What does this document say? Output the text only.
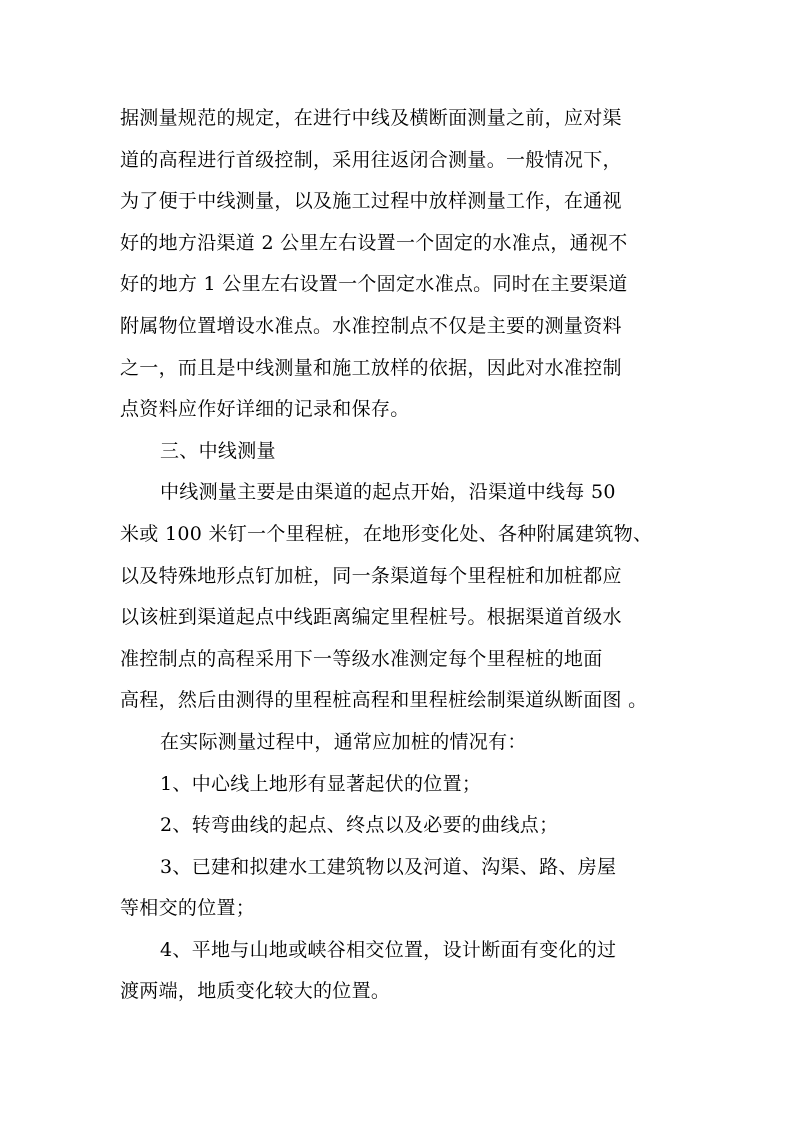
据测量规范的规定，在进行中线及横断面测量之前，应对渠
道的高程进行首级控制，采用往返闭合测量。一般情况下，
为了便于中线测量，以及施工过程中放样测量工作，在通视
好的地方沿渠道 2 公里左右设置一个固定的水准点，通视不
好的地方 1 公里左右设置一个固定水准点。同时在主要渠道
附属物位置增设水准点。水准控制点不仅是主要的测量资料
之一，而且是中线测量和施工放样的依据，因此对水准控制
点资料应作好详细的记录和保存。
三、中线测量
中线测量主要是由渠道的起点开始，沿渠道中线每 50
米或 100 米钉一个里程桩，在地形变化处、各种附属建筑物、
以及特殊地形点钉加桩，同一条渠道每个里程桩和加桩都应
以该桩到渠道起点中线距离编定里程桩号。根据渠道首级水
准控制点的高程采用下一等级水准测定每个里程桩的地面
高程，然后由测得的里程桩高程和里程桩绘制渠道纵断面图 。
在实际测量过程中，通常应加桩的情况有：
1、中心线上地形有显著起伏的位置；
2、转弯曲线的起点、终点以及必要的曲线点；
3、已建和拟建水工建筑物以及河道、沟渠、路、房屋
等相交的位置；
4、平地与山地或峡谷相交位置，设计断面有变化的过
渡两端，地质变化较大的位置。
